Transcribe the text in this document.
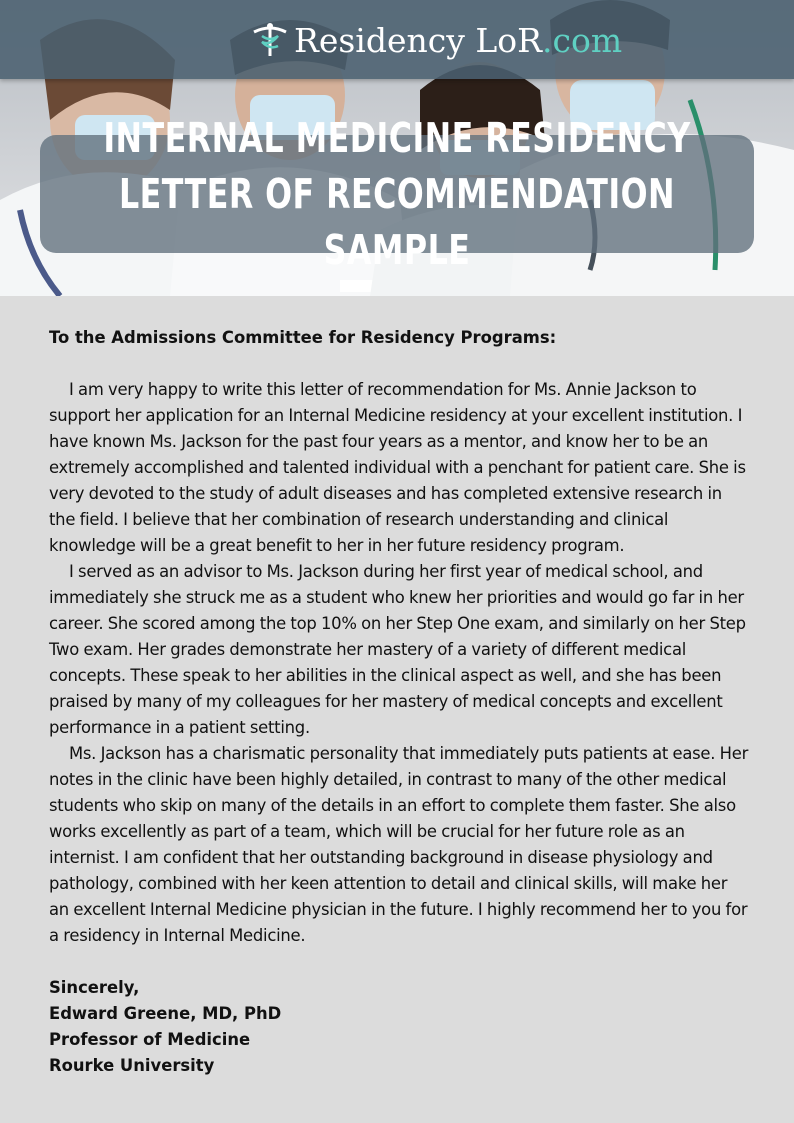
Residency LoR.com
INTERNAL MEDICINE RESIDENCY LETTER OF RECOMMENDATION SAMPLE

To the Admissions Committee for Residency Programs:

I am very happy to write this letter of recommendation for Ms. Annie Jackson to support her application for an Internal Medicine residency at your excellent institution. I have known Ms. Jackson for the past four years as a mentor, and know her to be an extremely accomplished and talented individual with a penchant for patient care. She is very devoted to the study of adult diseases and has completed extensive research in the field. I believe that her combination of research understanding and clinical knowledge will be a great benefit to her in her future residency program.

I served as an advisor to Ms. Jackson during her first year of medical school, and immediately she struck me as a student who knew her priorities and would go far in her career. She scored among the top 10% on her Step One exam, and similarly on her Step Two exam. Her grades demonstrate her mastery of a variety of different medical concepts. These speak to her abilities in the clinical aspect as well, and she has been praised by many of my colleagues for her mastery of medical concepts and excellent performance in a patient setting.

Ms. Jackson has a charismatic personality that immediately puts patients at ease. Her notes in the clinic have been highly detailed, in contrast to many of the other medical students who skip on many of the details in an effort to complete them faster. She also works excellently as part of a team, which will be crucial for her future role as an internist. I am confident that her outstanding background in disease physiology and pathology, combined with her keen attention to detail and clinical skills, will make her an excellent Internal Medicine physician in the future. I highly recommend her to you for a residency in Internal Medicine.

Sincerely,
Edward Greene, MD, PhD
Professor of Medicine
Rourke University
